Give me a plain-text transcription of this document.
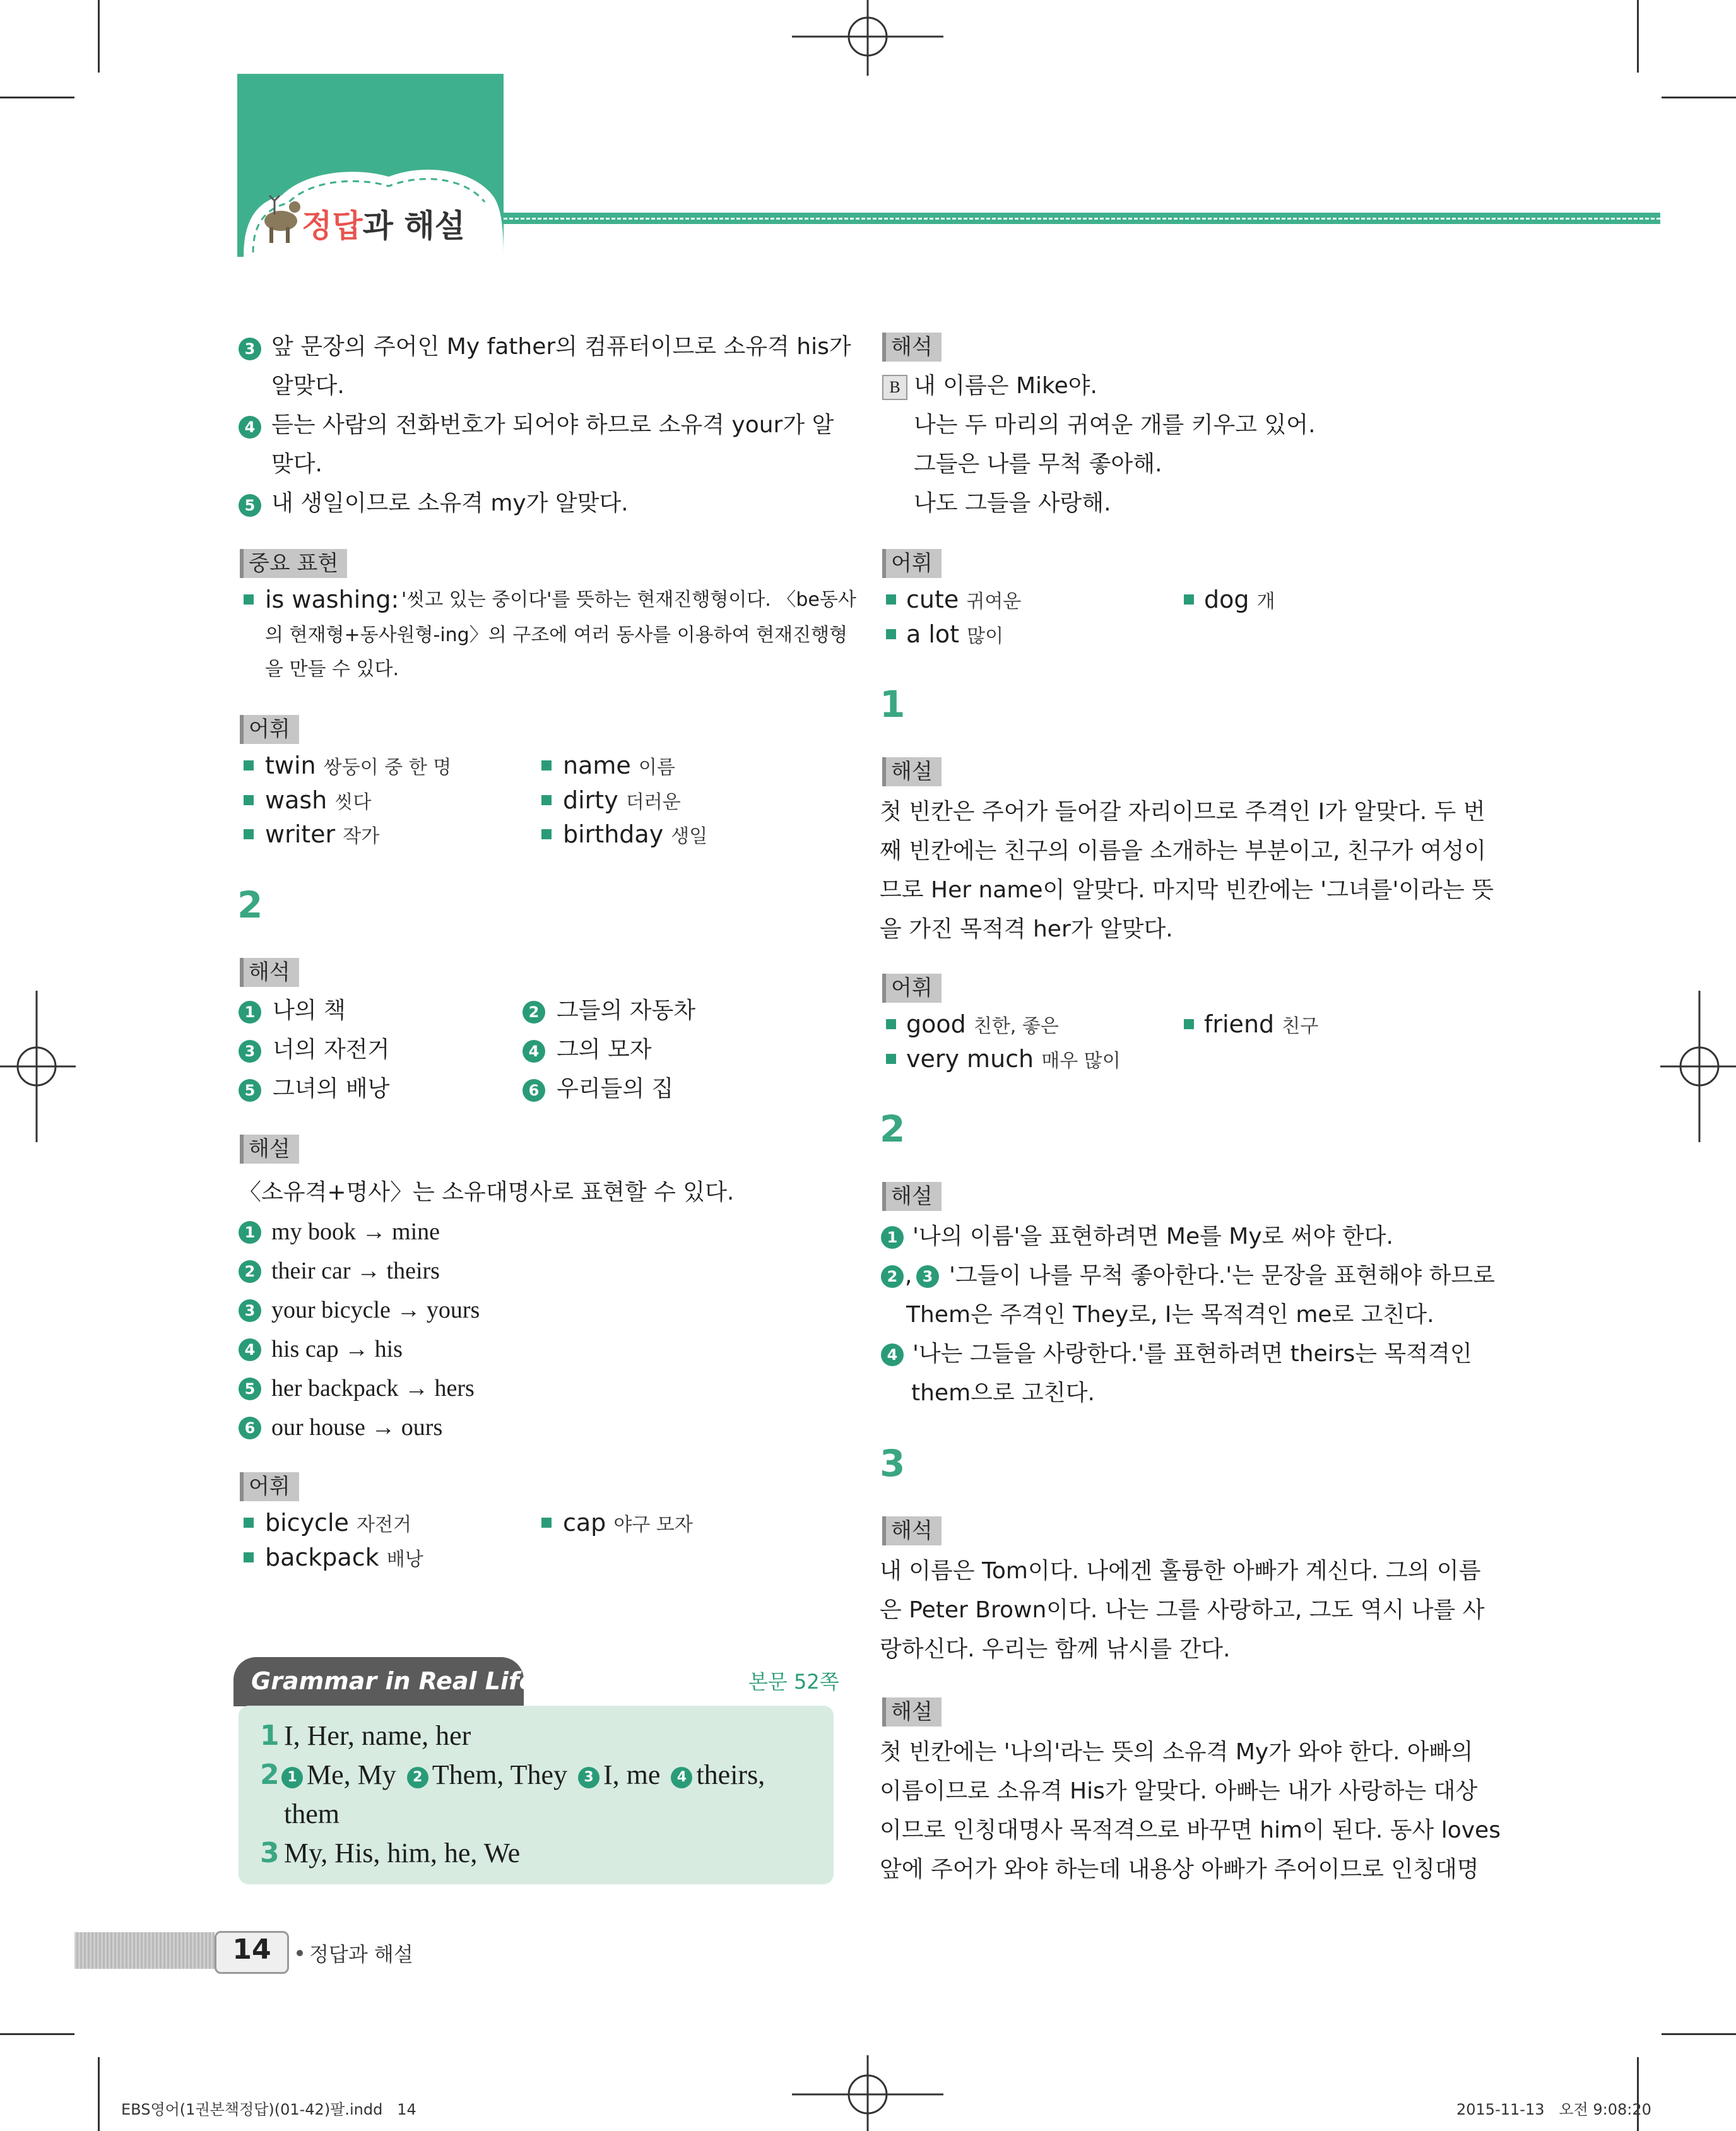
정답과 해설
3 앞 문장의 주어인 My father의 컴퓨터이므로 소유격 his가
알맞다.
4 듣는 사람의 전화번호가 되어야 하므로 소유격 your가 알
맞다.
5 내 생일이므로 소유격 my가 알맞다.
중요 표현
is washing: '씻고 있는 중이다'를 뜻하는 현재진행형이다. 〈be동사
의 현재형+동사원형-ing〉의 구조에 여러 동사를 이용하여 현재진행형
을 만들 수 있다.
어휘
twin 쌍둥이 중 한 명	name 이름
wash 씻다	dirty 더러운
writer 작가	birthday 생일
2
해석
1 나의 책	2 그들의 자동차
3 너의 자전거	4 그의 모자
5 그녀의 배낭	6 우리들의 집
해설
〈소유격+명사〉는 소유대명사로 표현할 수 있다.
1 my book → mine
2 their car → theirs
3 your bicycle → yours
4 his cap → his
5 her backpack → hers
6 our house → ours
어휘
bicycle 자전거	cap 야구 모자
backpack 배낭
Grammar in Real Life	본문 52쪽
1 I, Her, name, her
2 1 Me, My 2 Them, They 3 I, me 4 theirs,
them
3 My, His, him, he, We
해석
B 내 이름은 Mike야.
나는 두 마리의 귀여운 개를 키우고 있어.
그들은 나를 무척 좋아해.
나도 그들을 사랑해.
어휘
cute 귀여운	dog 개
a lot 많이
1
해설
첫 빈칸은 주어가 들어갈 자리이므로 주격인 I가 알맞다. 두 번
째 빈칸에는 친구의 이름을 소개하는 부분이고, 친구가 여성이
므로 Her name이 알맞다. 마지막 빈칸에는 '그녀를'이라는 뜻
을 가진 목적격 her가 알맞다.
어휘
good 친한, 좋은	friend 친구
very much 매우 많이
2
해설
1 '나의 이름'을 표현하려면 Me를 My로 써야 한다.
2 , 3 '그들이 나를 무척 좋아한다.'는 문장을 표현해야 하므로
Them은 주격인 They로, I는 목적격인 me로 고친다.
4 '나는 그들을 사랑한다.'를 표현하려면 theirs는 목적격인
them으로 고친다.
3
해석
내 이름은 Tom이다. 나에겐 훌륭한 아빠가 계신다. 그의 이름
은 Peter Brown이다. 나는 그를 사랑하고, 그도 역시 나를 사
랑하신다. 우리는 함께 낚시를 간다.
해설
첫 빈칸에는 '나의'라는 뜻의 소유격 My가 와야 한다. 아빠의
이름이므로 소유격 His가 알맞다. 아빠는 내가 사랑하는 대상
이므로 인칭대명사 목적격으로 바꾸면 him이 된다. 동사 loves
앞에 주어가 와야 하는데 내용상 아빠가 주어이므로 인칭대명
14	정답과 해설
EBS영어(1권본책정답)(01-42)팔.indd   14	2015-11-13   오전 9:08:20
